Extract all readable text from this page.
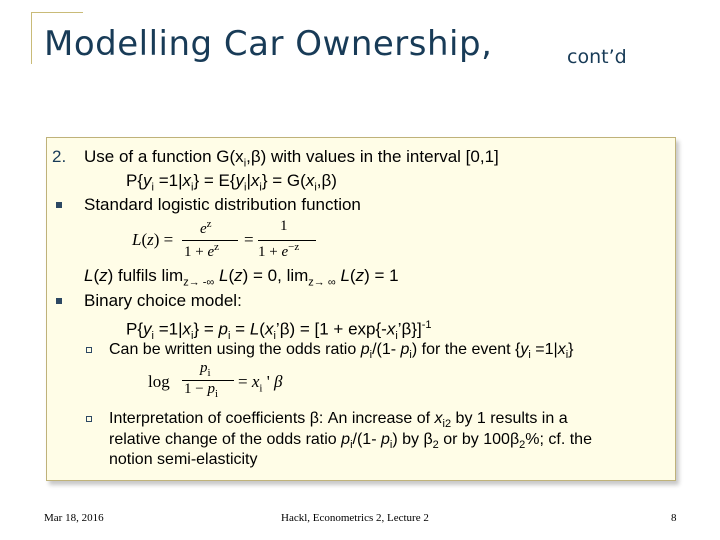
Modelling Car Ownership,	cont’d
2. Use of a function $G(x_i,\beta)$ with values in the interval [0,1]
$P\{y_i =1|x_i\} = E\{y_i|x_i\} = G(x_i,\beta)$
Standard logistic distribution function
L(z) =
$e^z$
$1 + e^z$ =
1
$1 + e^{-z}$
L(z) fulfils $\lim_{z\to -\infty} L(z) = 0$, $\lim_{z\to \infty} L(z) = 1$
Binary choice model:
$P\{y_i =1|x_i\} = p_i$ = $L(x_i’\beta) = [1$ + $\exp\{-x_i’\beta\}]^{-1}$
Can be written using the odds ratio $p_i/(1-$ $p_i$) for the event $\{y_i =1|x_i\}$
log
$p_i$
$1 - p_i$
= $x_i$ ' β
Interpretation of coefficients β: An increase of $x_{i2}$ by 1 results in a
relative change of the odds ratio $p_i/(1-$ $p_i$) by $\beta_2$ or by $100\beta_2\%$; cf. the
notion semi-elasticity
Mar 18, 2016	Hackl, Econometrics 2, Lecture 2	8
